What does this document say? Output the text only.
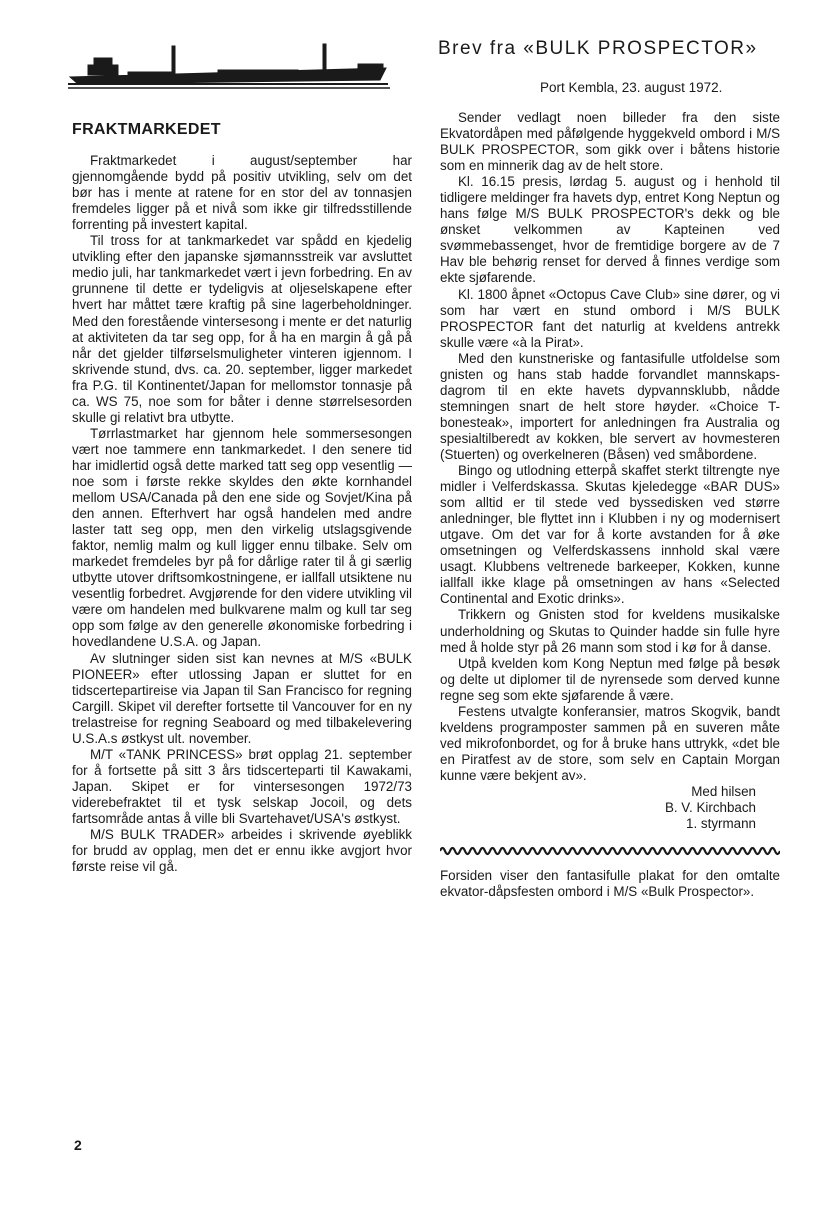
Brev fra «BULK PROSPECTOR»
Port Kembla, 23. august 1972.
FRAKTMARKEDET

Fraktmarkedet i august/september har gjennomgående bydd på positiv utvikling, selv om det bør has i mente at ratene for en stor del av tonnasjen fremdeles ligger på et nivå som ikke gir tilfredsstillende forrenting på investert kapital.

Til tross for at tankmarkedet var spådd en kjedelig utvikling efter den japanske sjømannsstreik var avsluttet medio juli, har tankmarkedet vært i jevn forbedring. En av grunnene til dette er tydeligvis at oljeselskapene efter hvert har måttet tære kraftig på sine lagerbeholdninger. Med den forestående vintersesong i mente er det naturlig at aktiviteten da tar seg opp, for å ha en margin å gå på når det gjelder tilførselsmuligheter vinteren igjennom. I skrivende stund, dvs. ca. 20. september, ligger markedet fra P.G. til Kontinentet/Japan for mellomstor tonnasje på ca. WS 75, noe som for båter i denne størrelsesorden skulle gi relativt bra utbytte.

Tørrlastmarket har gjennom hele sommersesongen vært noe tammere enn tankmarkedet. I den senere tid har imidlertid også dette marked tatt seg opp vesentlig — noe som i første rekke skyldes den økte kornhandel mellom USA/Canada på den ene side og Sovjet/Kina på den annen. Efterhvert har også handelen med andre laster tatt seg opp, men den virkelig utslagsgivende faktor, nemlig malm og kull ligger ennu tilbake. Selv om markedet fremdeles byr på for dårlige rater til å gi særlig utbytte utover driftsomkostningene, er iallfall utsiktene nu vesentlig forbedret. Avgjørende for den videre utvikling vil være om handelen med bulkvarene malm og kull tar seg opp som følge av den generelle økonomiske forbedring i hovedlandene U.S.A. og Japan.

Av slutninger siden sist kan nevnes at M/S «BULK PIONEER» efter utlossing Japan er sluttet for en tidscertepartireise via Japan til San Francisco for regning Cargill. Skipet vil derefter fortsette til Vancouver for en ny trelastreise for regning Seaboard og med tilbakelevering U.S.A.s østkyst ult. november.

M/T «TANK PRINCESS» brøt opplag 21. september for å fortsette på sitt 3 års tidscerteparti til Kawakami, Japan. Skipet er for vintersesongen 1972/73 viderebefraktet til et tysk selskap Jocoil, og dets fartsområde antas å ville bli Svartehavet/USA's østkyst.

M/S BULK TRADER» arbeides i skrivende øyeblikk for brudd av opplag, men det er ennu ikke avgjort hvor første reise vil gå.

Sender vedlagt noen billeder fra den siste Ekvatordåpen med påfølgende hyggekveld ombord i M/S BULK PROSPECTOR, som gikk over i båtens historie som en minnerik dag av de helt store.

Kl. 16.15 presis, lørdag 5. august og i henhold til tidligere meldinger fra havets dyp, entret Kong Neptun og hans følge M/S BULK PROSPECTOR's dekk og ble ønsket velkommen av Kapteinen ved svømmebassenget, hvor de fremtidige borgere av de 7 Hav ble behørig renset for derved å finnes verdige som ekte sjøfarende.

Kl. 1800 åpnet «Octopus Cave Club» sine dører, og vi som har vært en stund ombord i M/S BULK PROSPECTOR fant det naturlig at kveldens antrekk skulle være «à la Pirat».

Med den kunstneriske og fantasifulle utfoldelse som gnisten og hans stab hadde forvandlet mannskaps-dagrom til en ekte havets dypvannsklubb, nådde stemningen snart de helt store høyder. «Choice T-bonesteak», importert for anledningen fra Australia og spesialtilberedt av kokken, ble servert av hovmesteren (Stuerten) og overkelneren (Båsen) ved småbordene.

Bingo og utlodning etterpå skaffet sterkt tiltrengte nye midler i Velferdskassa. Skutas kjeledegge «BAR DUS» som alltid er til stede ved byssedisken ved større anledninger, ble flyttet inn i Klubben i ny og modernisert utgave. Om det var for å korte avstanden for å øke omsetningen og Velferdskassens innhold skal være usagt. Klubbens veltrenede barkeeper, Kokken, kunne iallfall ikke klage på omsetningen av hans «Selected Continental and Exotic drinks».

Trikkern og Gnisten stod for kveldens musikalske underholdning og Skutas to Quinder hadde sin fulle hyre med å holde styr på 26 mann som stod i kø for å danse.

Utpå kvelden kom Kong Neptun med følge på besøk og delte ut diplomer til de nyrensede som derved kunne regne seg som ekte sjøfarende å være.

Festens utvalgte konferansier, matros Skogvik, bandt kveldens programposter sammen på en suveren måte ved mikrofonbordet, og for å bruke hans uttrykk, «det ble en Piratfest av de store, som selv en Captain Morgan kunne være bekjent av».

Med hilsen
B. V. Kirchbach
1. styrmann

Forsiden viser den fantasifulle plakat for den omtalte ekvator-dåpsfesten ombord i M/S «Bulk Prospector».

2
